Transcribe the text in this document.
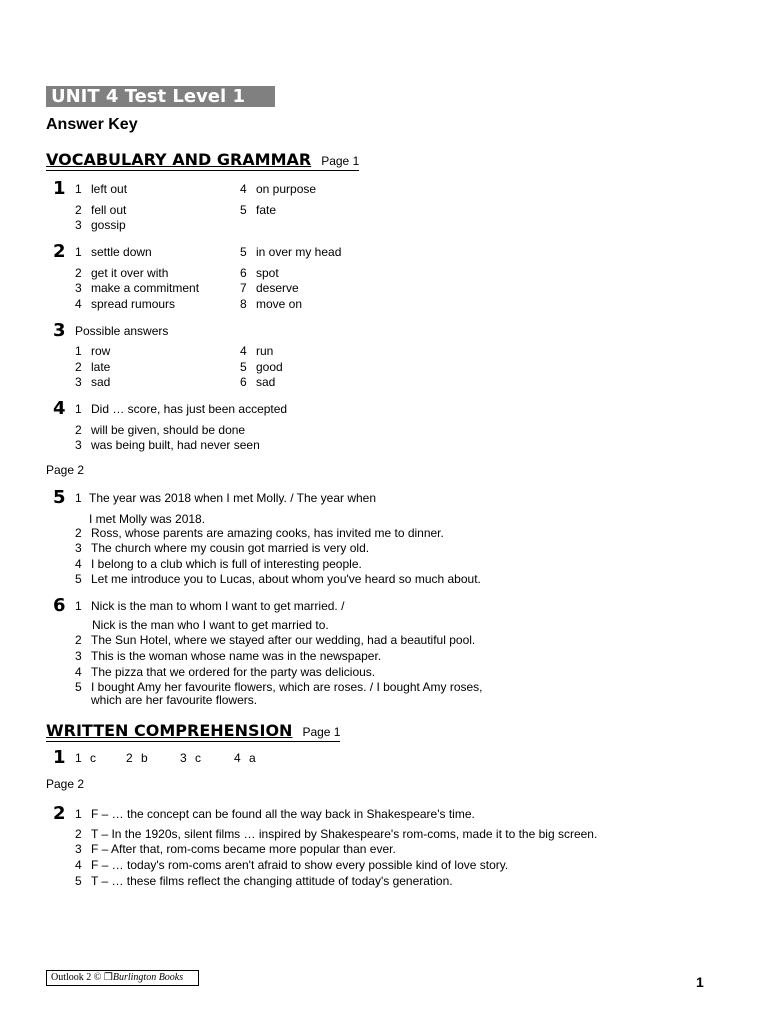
UNIT 4 Test Level 1
Answer Key
VOCABULARY AND GRAMMAR Page 1
1 1 left out
2 fell out
3 gossip
4 on purpose
5 fate
2 1 settle down
2 get it over with
3 make a commitment
4 spread rumours
5 in over my head
6 spot
7 deserve
8 move on
3 Possible answers
1 row
2 late
3 sad
4 run
5 good
6 sad
4 1 Did … score, has just been accepted
2 will be given, should be done
3 was being built, had never seen
Page 2
5 1 The year was 2018 when I met Molly. / The year when
I met Molly was 2018.
2 Ross, whose parents are amazing cooks, has invited me to dinner.
3 The church where my cousin got married is very old.
4 I belong to a club which is full of interesting people.
5 Let me introduce you to Lucas, about whom you've heard so much about.
6 1 Nick is the man to whom I want to get married. /
Nick is the man who I want to get married to.
2 The Sun Hotel, where we stayed after our wedding, had a beautiful pool.
3 This is the woman whose name was in the newspaper.
4 The pizza that we ordered for the party was delicious.
5 I bought Amy her favourite flowers, which are roses. / I bought Amy roses,
which are her favourite flowers.
WRITTEN COMPREHENSION Page 1
1 1 c	2 b	3 c	4 a
Page 2
2 1 F – … the concept can be found all the way back in Shakespeare's time.
2 T – In the 1920s, silent films … inspired by Shakespeare's rom-coms, made it to the big screen.
3 F – After that, rom-coms became more popular than ever.
4 F – … today's rom-coms aren't afraid to show every possible kind of love story.
5 T – … these films reflect the changing attitude of today's generation.
Outlook 2 © ❒Burlington Books	1
